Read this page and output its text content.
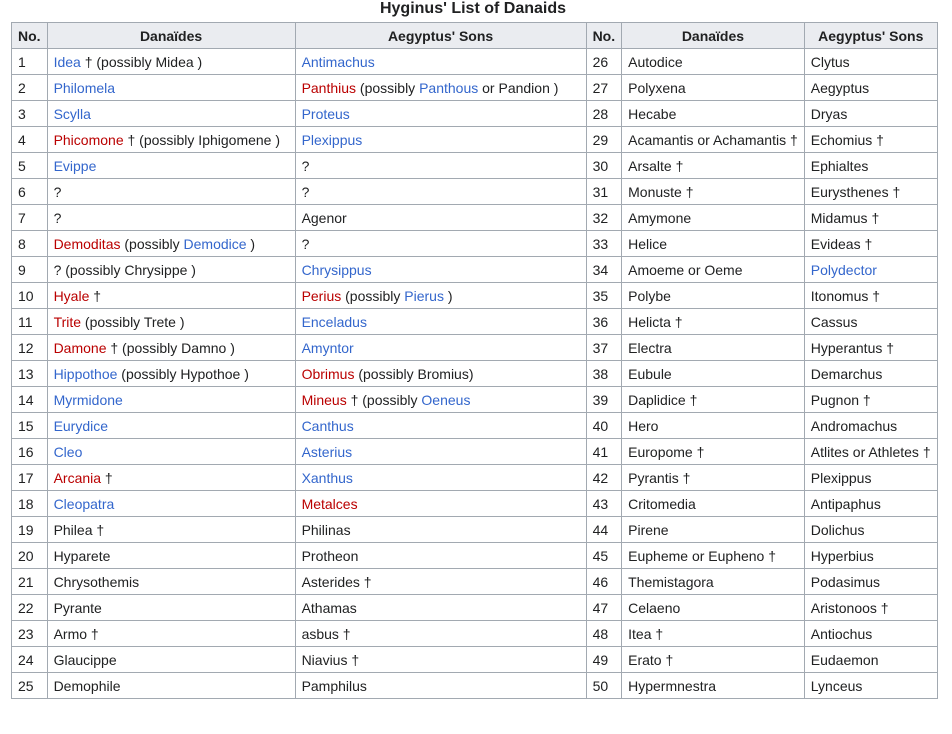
Hyginus' List of Danaids
No.	Danaïdes	Aegyptus' Sons	No.	Danaïdes	Aegyptus' Sons
1	Idea † (possibly Midea )	Antimachus	26	Autodice	Clytus
2	Philomela	Panthius (possibly Panthous or Pandion )	27	Polyxena	Aegyptus
3	Scylla	Proteus	28	Hecabe	Dryas
4	Phicomone † (possibly Iphigomene )	Plexippus	29	Acamantis or Achamantis †	Echomius †
5	Evippe	?	30	Arsalte †	Ephialtes
6	?	?	31	Monuste †	Eurysthenes †
7	?	Agenor	32	Amymone	Midamus †
8	Demoditas (possibly Demodice )	?	33	Helice	Evideas †
9	? (possibly Chrysippe )	Chrysippus	34	Amoeme or Oeme	Polydector
10	Hyale †	Perius (possibly Pierus )	35	Polybe	Itonomus †
11	Trite (possibly Trete )	Enceladus	36	Helicta †	Cassus
12	Damone † (possibly Damno )	Amyntor	37	Electra	Hyperantus †
13	Hippothoe (possibly Hypothoe )	Obrimus (possibly Bromius)	38	Eubule	Demarchus
14	Myrmidone	Mineus † (possibly Oeneus	39	Daplidice †	Pugnon †
15	Eurydice	Canthus	40	Hero	Andromachus
16	Cleo	Asterius	41	Europome †	Atlites or Athletes †
17	Arcania †	Xanthus	42	Pyrantis †	Plexippus
18	Cleopatra	Metalces	43	Critomedia	Antipaphus
19	Philea †	Philinas	44	Pirene	Dolichus
20	Hyparete	Protheon	45	Eupheme or Eupheno †	Hyperbius
21	Chrysothemis	Asterides †	46	Themistagora	Podasimus
22	Pyrante	Athamas	47	Celaeno	Aristonoos †
23	Armo †	asbus †	48	Itea †	Antiochus
24	Glaucippe	Niavius †	49	Erato †	Eudaemon
25	Demophile	Pamphilus	50	Hypermnestra	Lynceus
